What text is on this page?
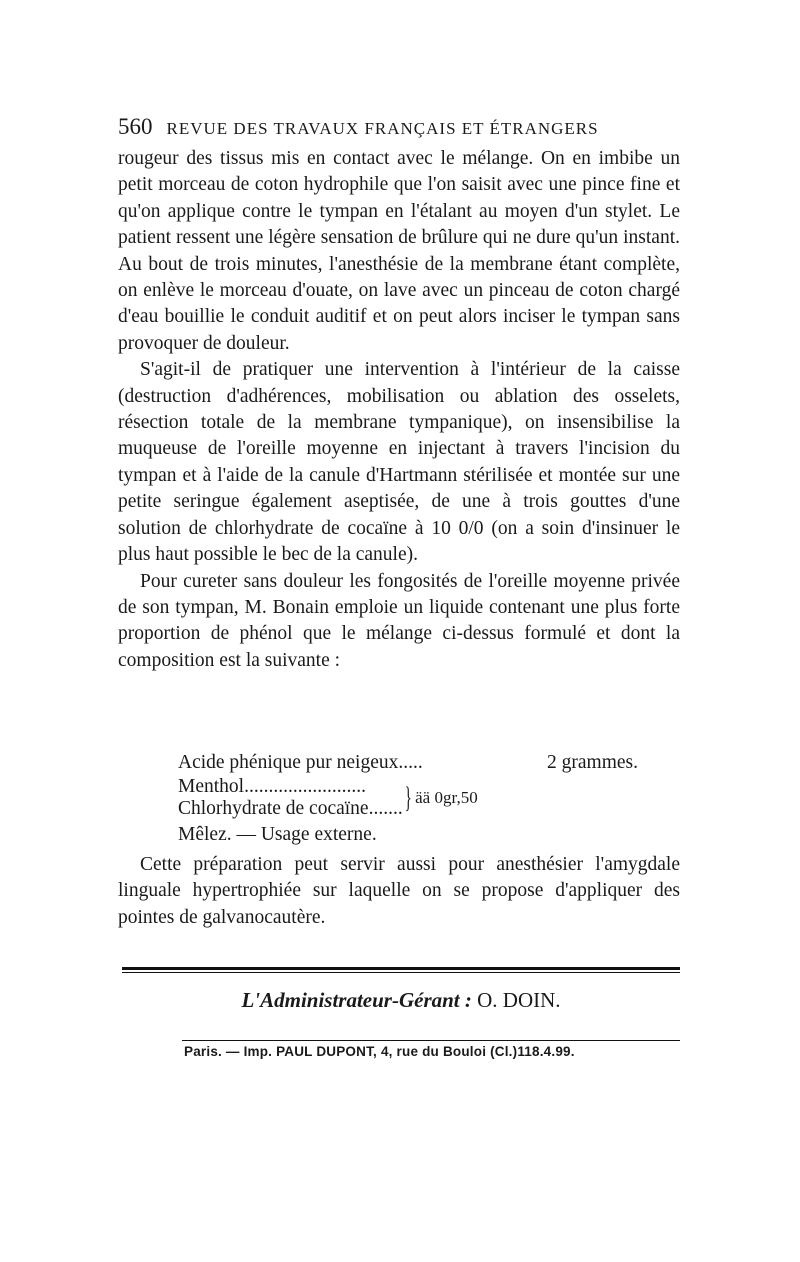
560 REVUE DES TRAVAUX FRANÇAIS ET ÉTRANGERS

rougeur des tissus mis en contact avec le mélange. On en imbibe un petit morceau de coton hydrophile que l'on saisit avec une pince fine et qu'on applique contre le tympan en l'étalant au moyen d'un stylet. Le patient ressent une légère sensation de brûlure qui ne dure qu'un instant. Au bout de trois minutes, l'anesthésie de la membrane étant complète, on enlève le morceau d'ouate, on lave avec un pinceau de coton chargé d'eau bouillie le conduit auditif et on peut alors inciser le tympan sans provoquer de douleur.

S'agit-il de pratiquer une intervention à l'intérieur de la caisse (destruction d'adhérences, mobilisation ou ablation des osselets, résection totale de la membrane tympanique), on insensibilise la muqueuse de l'oreille moyenne en injectant à travers l'incision du tympan et à l'aide de la canule d'Hartmann stérilisée et montée sur une petite seringue également aseptisée, de une à trois gouttes d'une solution de chlorhydrate de cocaïne à 10 0/0 (on a soin d'insinuer le plus haut possible le bec de la canule).

Pour cureter sans douleur les fongosités de l'oreille moyenne privée de son tympan, M. Bonain emploie un liquide contenant une plus forte proportion de phénol que le mélange ci-dessus formulé et dont la composition est la suivante :

Acide phénique pur neigeux.....	2 grammes.
Menthol.........................
Chlorhydrate de cocaïne....... } ää 0gr,50
Mêlez. — Usage externe.

Cette préparation peut servir aussi pour anesthésier l'amygdale linguale hypertrophiée sur laquelle on se propose d'appliquer des pointes de galvanocautère.

L'Administrateur-Gérant : O. DOIN.
Paris. — Imp. PAUL DUPONT, 4, rue du Bouloi (Cl.)118.4.99.
